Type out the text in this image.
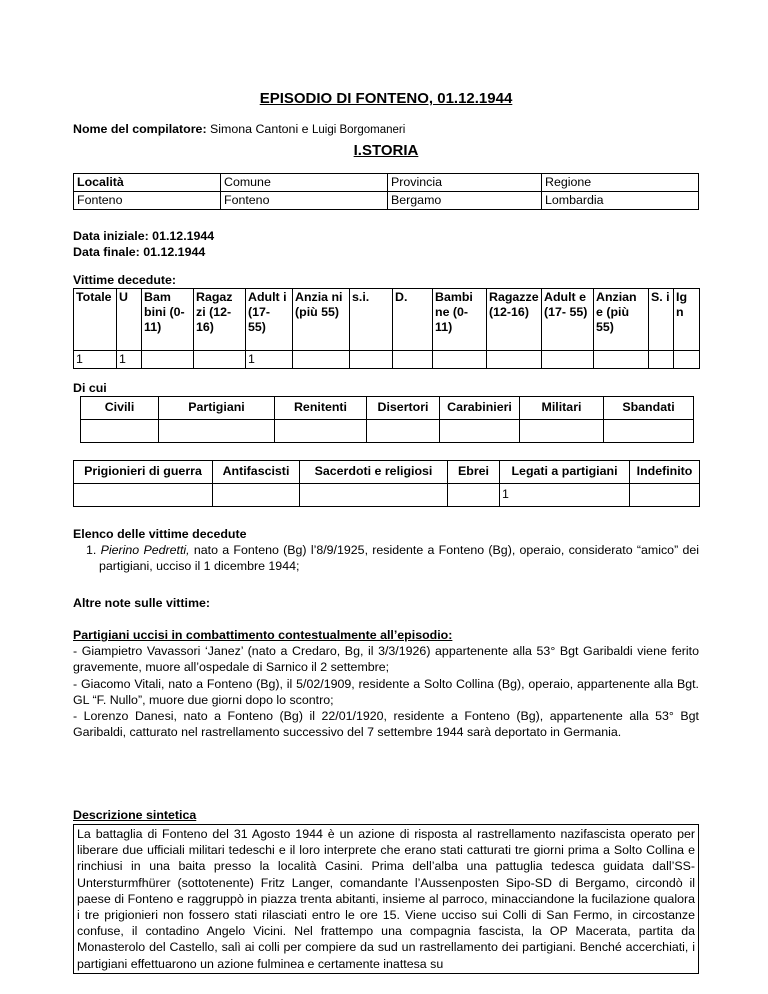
EPISODIO DI FONTENO, 01.12.1944
Nome del compilatore: Simona Cantoni e Luigi Borgomaneri
I.STORIA
Località	Comune	Provincia	Regione
Fonteno	Fonteno	Bergamo	Lombardia
Data iniziale: 01.12.1944
Data finale: 01.12.1944
Vittime decedute:
Totale	U	Bam bini (0- 11)	Ragaz zi (12- 16)	Adult i (17- 55)	Anzia ni (più 55)	s.i.	D.	Bambi ne (0- 11)	Ragazze (12-16)	Adult e (17- 55)	Anzian e (più 55)	S. i	Ig n
1	1			1									
Di cui
Civili	Partigiani	Renitenti	Disertori	Carabinieri	Militari	Sbandati

Prigionieri di guerra	Antifascisti	Sacerdoti e religiosi	Ebrei	Legati a partigiani	Indefinito
				1	
Elenco delle vittime decedute
1. Pierino Pedretti, nato a Fonteno (Bg) l’8/9/1925, residente a Fonteno (Bg), operaio, considerato “amico” dei partigiani, ucciso il 1 dicembre 1944;
Altre note sulle vittime:
Partigiani uccisi in combattimento contestualmente all’episodio:
- Giampietro Vavassori ‘Janez’ (nato a Credaro, Bg, il 3/3/1926) appartenente alla 53° Bgt Garibaldi viene ferito gravemente, muore all’ospedale di Sarnico il 2 settembre;
- Giacomo Vitali, nato a Fonteno (Bg), il 5/02/1909, residente a Solto Collina (Bg), operaio, appartenente alla Bgt. GL “F. Nullo”, muore due giorni dopo lo scontro;
- Lorenzo Danesi, nato a Fonteno (Bg) il 22/01/1920, residente a Fonteno (Bg), appartenente alla 53° Bgt Garibaldi, catturato nel rastrellamento successivo del 7 settembre 1944 sarà deportato in Germania.
Descrizione sintetica
La battaglia di Fonteno del 31 Agosto 1944 è un azione di risposta al rastrellamento nazifascista operato per liberare due ufficiali militari tedeschi e il loro interprete che erano stati catturati tre giorni prima a Solto Collina e rinchiusi in una baita presso la località Casini. Prima dell’alba una pattuglia tedesca guidata dall’SS-Untersturmfhürer (sottotenente) Fritz Langer, comandante l’Aussenposten Sipo-SD di Bergamo, circondò il paese di Fonteno e raggruppò in piazza trenta abitanti, insieme al parroco, minacciandone la fucilazione qualora i tre prigionieri non fossero stati rilasciati entro le ore 15. Viene ucciso sui Colli di San Fermo, in circostanze confuse, il contadino Angelo Vicini. Nel frattempo una compagnia fascista, la OP Macerata, partita da Monasterolo del Castello, salì ai colli per compiere da sud un rastrellamento dei partigiani. Benché accerchiati, i partigiani effettuarono un azione fulminea e certamente inattesa su
